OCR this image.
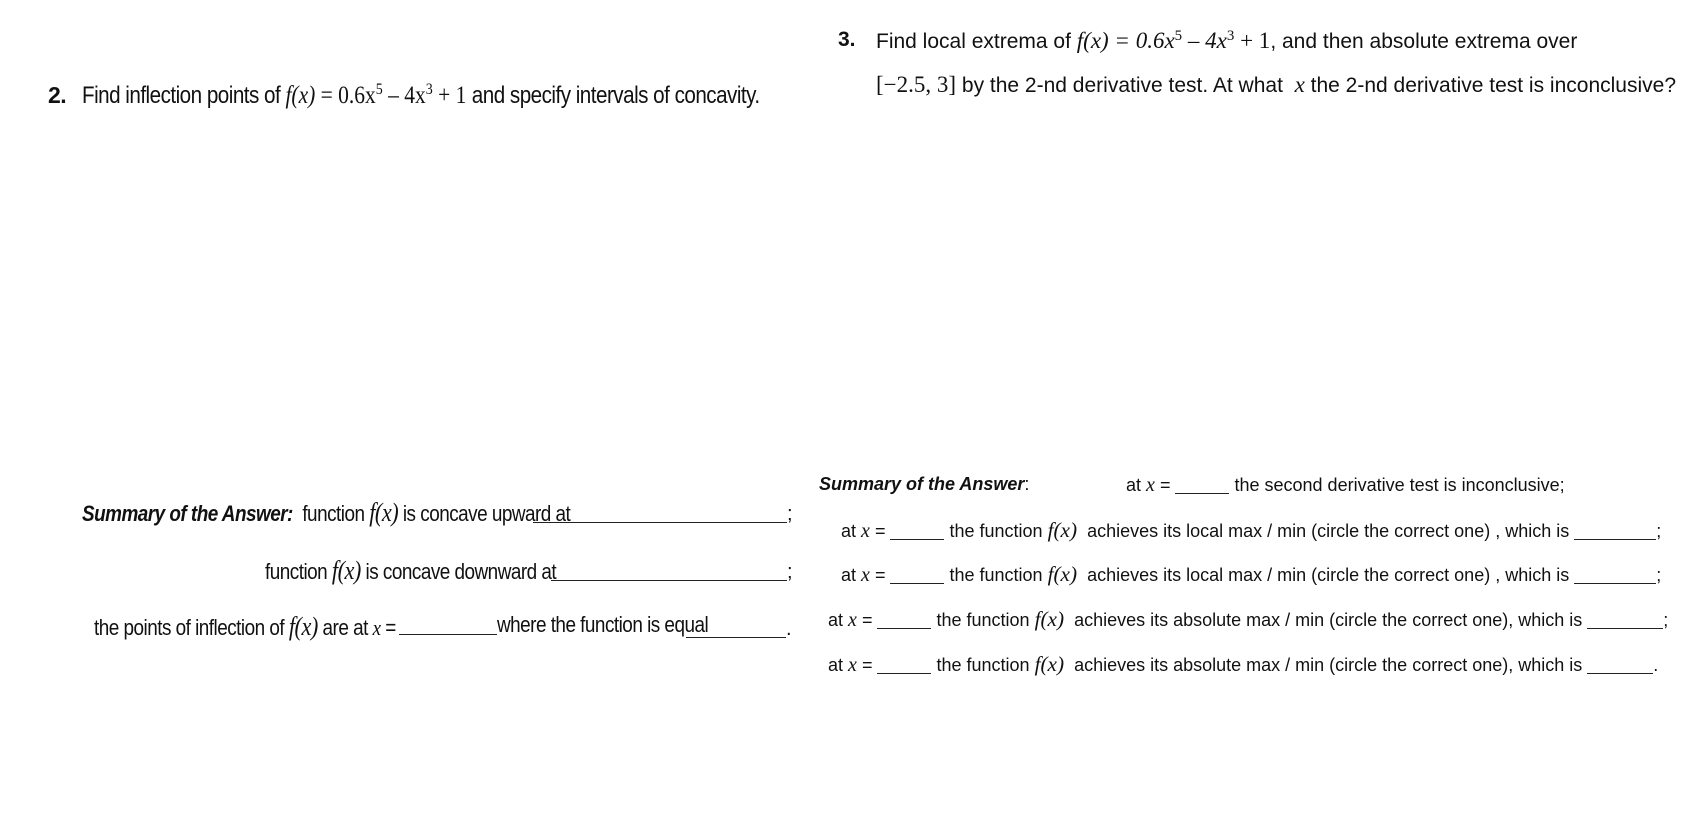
2. Find inflection points of $f(x) = 0.6x^5 - 4x^3 + 1$ and specify intervals of concavity.
Summary of the Answer: function f(x) is concave upward at	;
function f(x) is concave downward at	;
the points of inflection of f(x) are at x =	where the function is equal	.
3. Find local extrema of $f(x) = 0.6x^5 - 4x^3 + 1$, and then absolute extrema over
[−2.5, 3] by the 2-nd derivative test. At what x the 2-nd derivative test is inconclusive?
Summary of the Answer:	at x =	the second derivative test is inconclusive;
at x =	the function f(x) achieves its local max / min (circle the correct one) , which is	;
at x =	the function f(x) achieves its local max / min (circle the correct one) , which is	;
at x =	the function f(x) achieves its absolute max / min (circle the correct one), which is	;
at x =	the function f(x) achieves its absolute max / min (circle the correct one), which is	.
